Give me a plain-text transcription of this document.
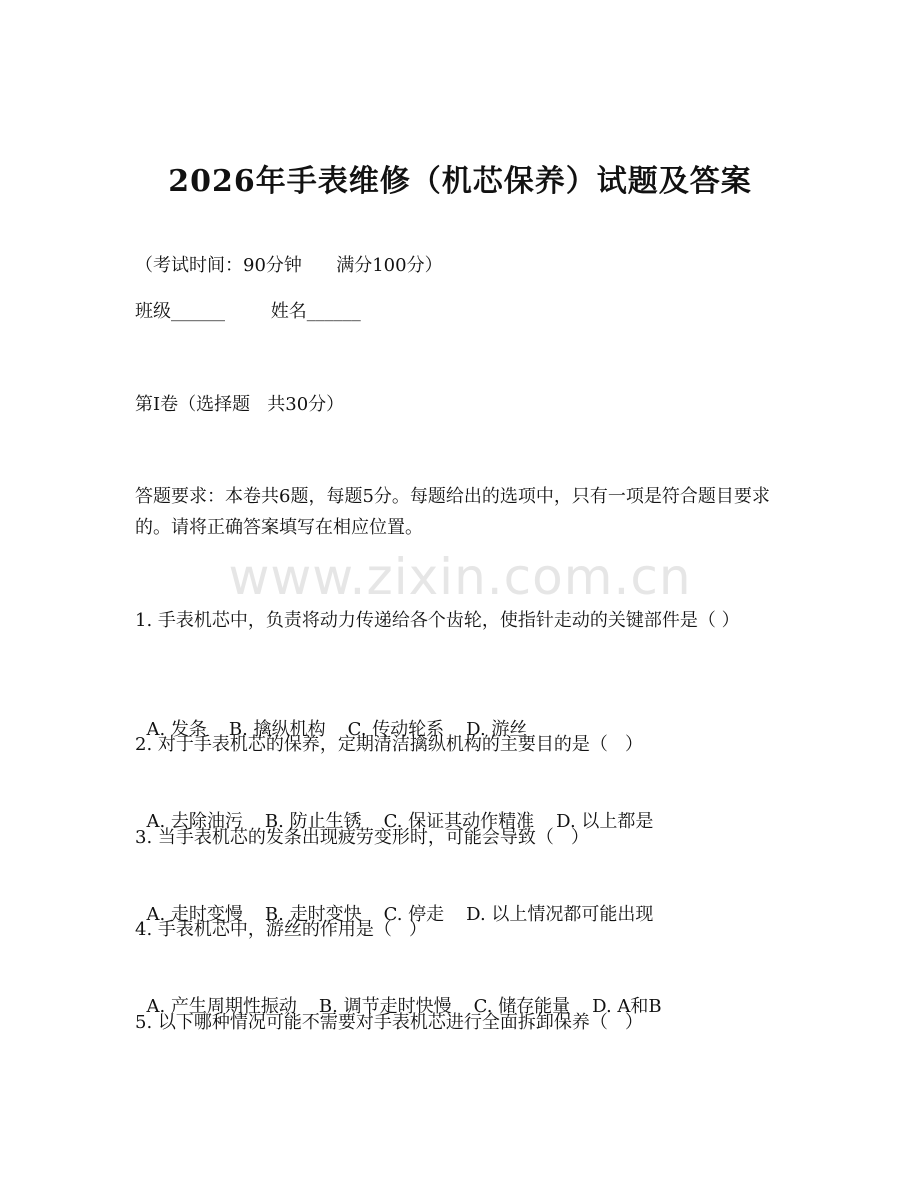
www.zixin.com.cn
2026年手表维修（机芯保养）试题及答案
（考试时间：90分钟      满分100分）
班级______        姓名______
第I卷（选择题   共30分）
答题要求：本卷共6题，每题5分。每题给出的选项中，只有一项是符合题目要求的。请将正确答案填写在相应位置。
1. 手表机芯中，负责将动力传递给各个齿轮，使指针走动的关键部件是（ ）

A. 发条 B. 擒纵机构 C. 传动轮系 D. 游丝

2. 对于手表机芯的保养，定期清洁擒纵机构的主要目的是（   ）

A. 去除油污 B. 防止生锈 C. 保证其动作精准 D. 以上都是

3. 当手表机芯的发条出现疲劳变形时，可能会导致（   ）

A. 走时变慢 B. 走时变快 C. 停走 D. 以上情况都可能出现

4. 手表机芯中，游丝的作用是（   ）

A. 产生周期性振动 B. 调节走时快慢 C. 储存能量 D. A和B

5. 以下哪种情况可能不需要对手表机芯进行全面拆卸保养（   ）
